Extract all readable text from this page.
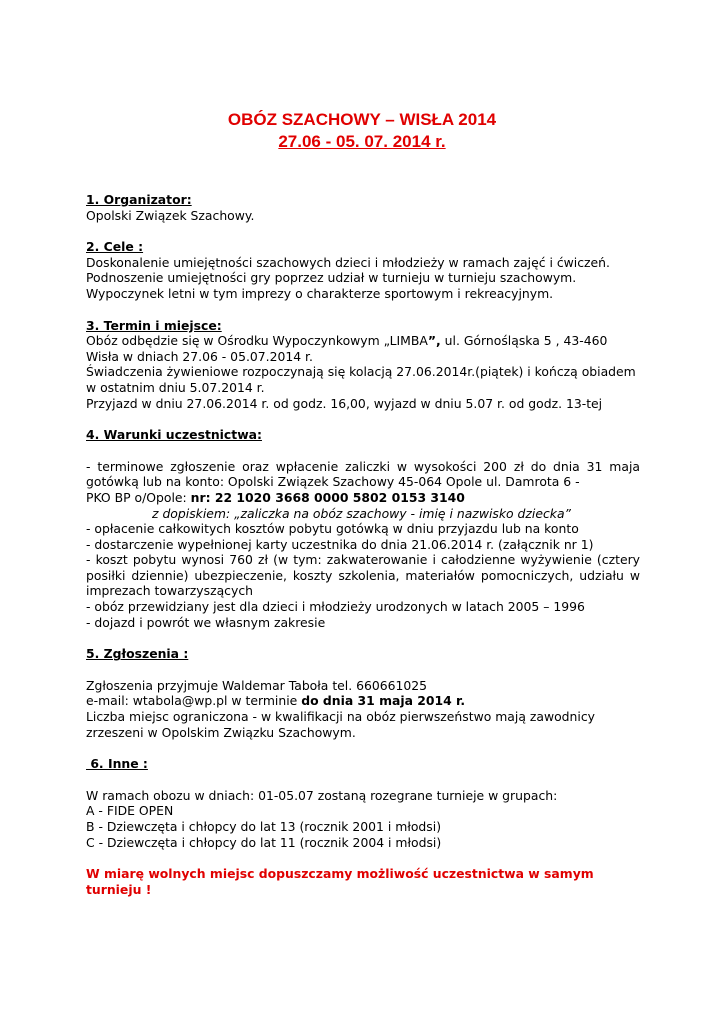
OBÓZ SZACHOWY – WISŁA 2014
27.06 - 05. 07. 2014 r.
1. Organizator:
Opolski Związek Szachowy.
2. Cele :
Doskonalenie umiejętności szachowych dzieci i młodzieży w ramach zajęć i ćwiczeń.
Podnoszenie umiejętności gry poprzez udział w turnieju w turnieju szachowym.
Wypoczynek letni w tym imprezy o charakterze sportowym i rekreacyjnym.
3. Termin i miejsce:
Obóz odbędzie się w Ośrodku Wypoczynkowym „LIMBA”, ul. Górnośląska 5 , 43-460
Wisła w dniach 27.06 - 05.07.2014 r.
Świadczenia żywieniowe rozpoczynają się kolacją 27.06.2014r.(piątek) i kończą obiadem
w ostatnim dniu 5.07.2014 r.
Przyjazd w dniu 27.06.2014 r. od godz. 16,00, wyjazd w dniu 5.07 r. od godz. 13-tej
4. Warunki uczestnictwa:
- terminowe zgłoszenie oraz wpłacenie zaliczki w wysokości 200 zł do dnia 31 maja gotówką lub na konto: Opolski Związek Szachowy 45-064 Opole ul. Damrota 6 -
PKO BP o/Opole: nr: 22 1020 3668 0000 5802 0153 3140
z dopiskiem: „zaliczka na obóz szachowy - imię i nazwisko dziecka”
- opłacenie całkowitych kosztów pobytu gotówką w dniu przyjazdu lub na konto
- dostarczenie wypełnionej karty uczestnika do dnia 21.06.2014 r. (załącznik nr 1)
- koszt pobytu wynosi 760 zł (w tym: zakwaterowanie i całodzienne wyżywienie (cztery posiłki dziennie) ubezpieczenie, koszty szkolenia, materiałów pomocniczych, udziału w imprezach towarzyszących
- obóz przewidziany jest dla dzieci i młodzieży urodzonych w latach 2005 – 1996
- dojazd i powrót we własnym zakresie
5. Zgłoszenia :
Zgłoszenia przyjmuje Waldemar Taboła tel. 660661025
e-mail: wtabola@wp.pl w terminie do dnia 31 maja 2014 r.
Liczba miejsc ograniczona - w kwalifikacji na obóz pierwszeństwo mają zawodnicy
zrzeszeni w Opolskim Związku Szachowym.
6. Inne :
W ramach obozu w dniach: 01-05.07 zostaną rozegrane turnieje w grupach:
A - FIDE OPEN
B - Dziewczęta i chłopcy do lat 13 (rocznik 2001 i młodsi)
C - Dziewczęta i chłopcy do lat 11 (rocznik 2004 i młodsi)
W miarę wolnych miejsc dopuszczamy możliwość uczestnictwa w samym
turnieju !
